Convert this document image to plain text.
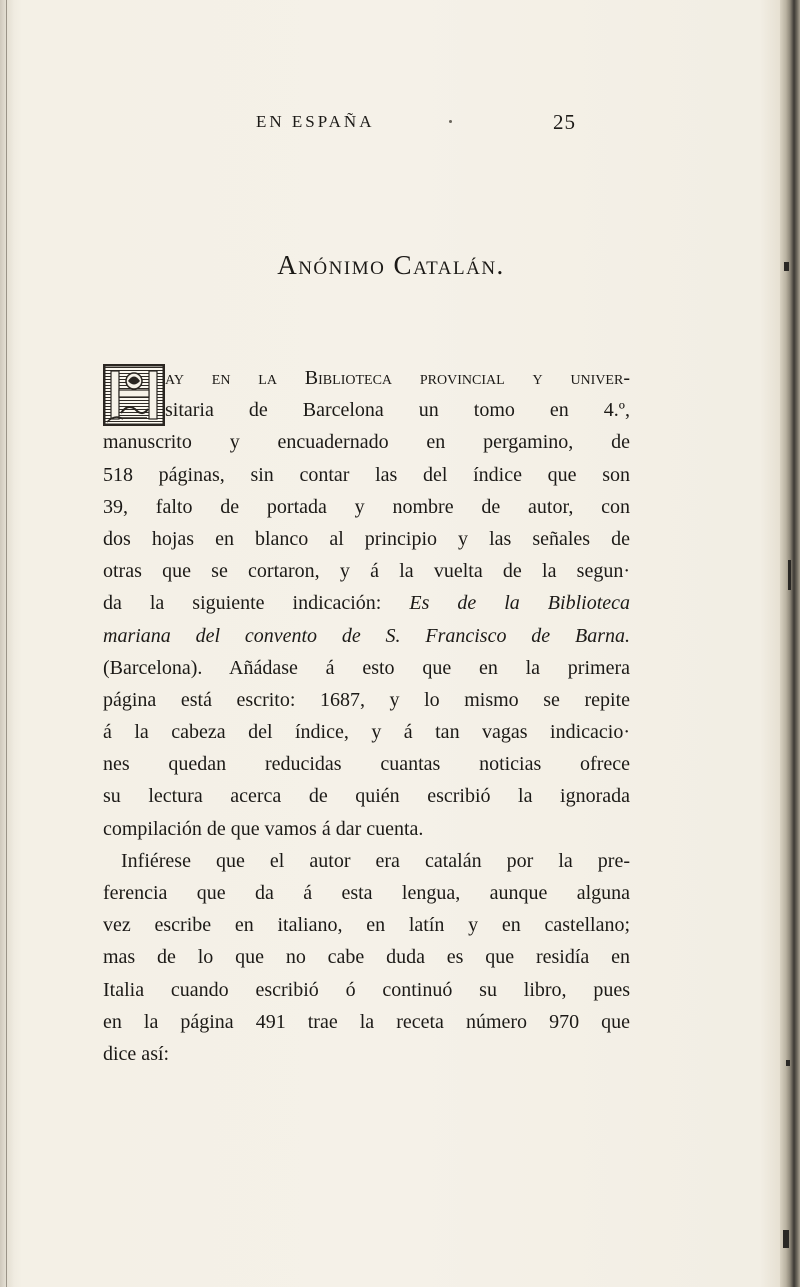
EN ESPAÑA	25
Anónimo Catalán.
ay en la Biblioteca provincial y univer-
sitaria de Barcelona un tomo en 4.º,
manuscrito y encuadernado en pergamino, de
518 páginas, sin contar las del índice que son
39, falto de portada y nombre de autor, con
dos hojas en blanco al principio y las señales de
otras que se cortaron, y á la vuelta de la segun·
da la siguiente indicación: Es de la Biblioteca
mariana del convento de S. Francisco de Barna.
(Barcelona). Añádase á esto que en la primera
página está escrito: 1687, y lo mismo se repite
á la cabeza del índice, y á tan vagas indicacio·
nes quedan reducidas cuantas noticias ofrece
su lectura acerca de quién escribió la ignorada
compilación de que vamos á dar cuenta.
Infiérese que el autor era catalán por la pre-
ferencia que da á esta lengua, aunque alguna
vez escribe en italiano, en latín y en castellano;
mas de lo que no cabe duda es que residía en
Italia cuando escribió ó continuó su libro, pues
en la página 491 trae la receta número 970 que
dice así:
